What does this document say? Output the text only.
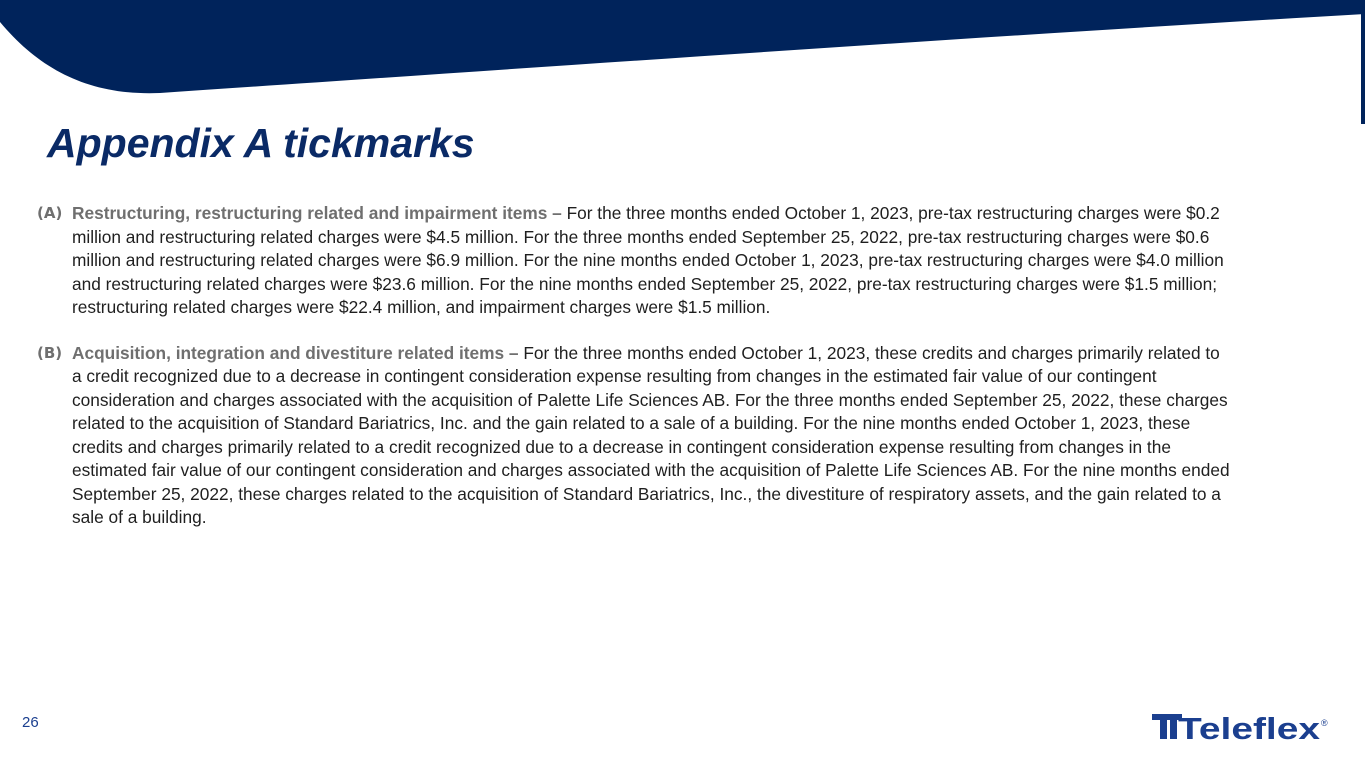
Appendix A tickmarks
(A) Restructuring, restructuring related and impairment items – For the three months ended October 1, 2023, pre-tax restructuring charges were $0.2 million and restructuring related charges were $4.5 million. For the three months ended September 25, 2022, pre-tax restructuring charges were $0.6 million and restructuring related charges were $6.9 million. For the nine months ended October 1, 2023, pre-tax restructuring charges were $4.0 million and restructuring related charges were $23.6 million. For the nine months ended September 25, 2022, pre-tax restructuring charges were $1.5 million; restructuring related charges were $22.4 million, and impairment charges were $1.5 million.

(B) Acquisition, integration and divestiture related items – For the three months ended October 1, 2023, these credits and charges primarily related to a credit recognized due to a decrease in contingent consideration expense resulting from changes in the estimated fair value of our contingent consideration and charges associated with the acquisition of Palette Life Sciences AB. For the three months ended September 25, 2022, these charges related to the acquisition of Standard Bariatrics, Inc. and the gain related to a sale of a building. For the nine months ended October 1, 2023, these credits and charges primarily related to a credit recognized due to a decrease in contingent consideration expense resulting from changes in the estimated fair value of our contingent consideration and charges associated with the acquisition of Palette Life Sciences AB. For the nine months ended September 25, 2022, these charges related to the acquisition of Standard Bariatrics, Inc., the divestiture of respiratory assets, and the gain related to a sale of a building.

26	Teleflex ®
